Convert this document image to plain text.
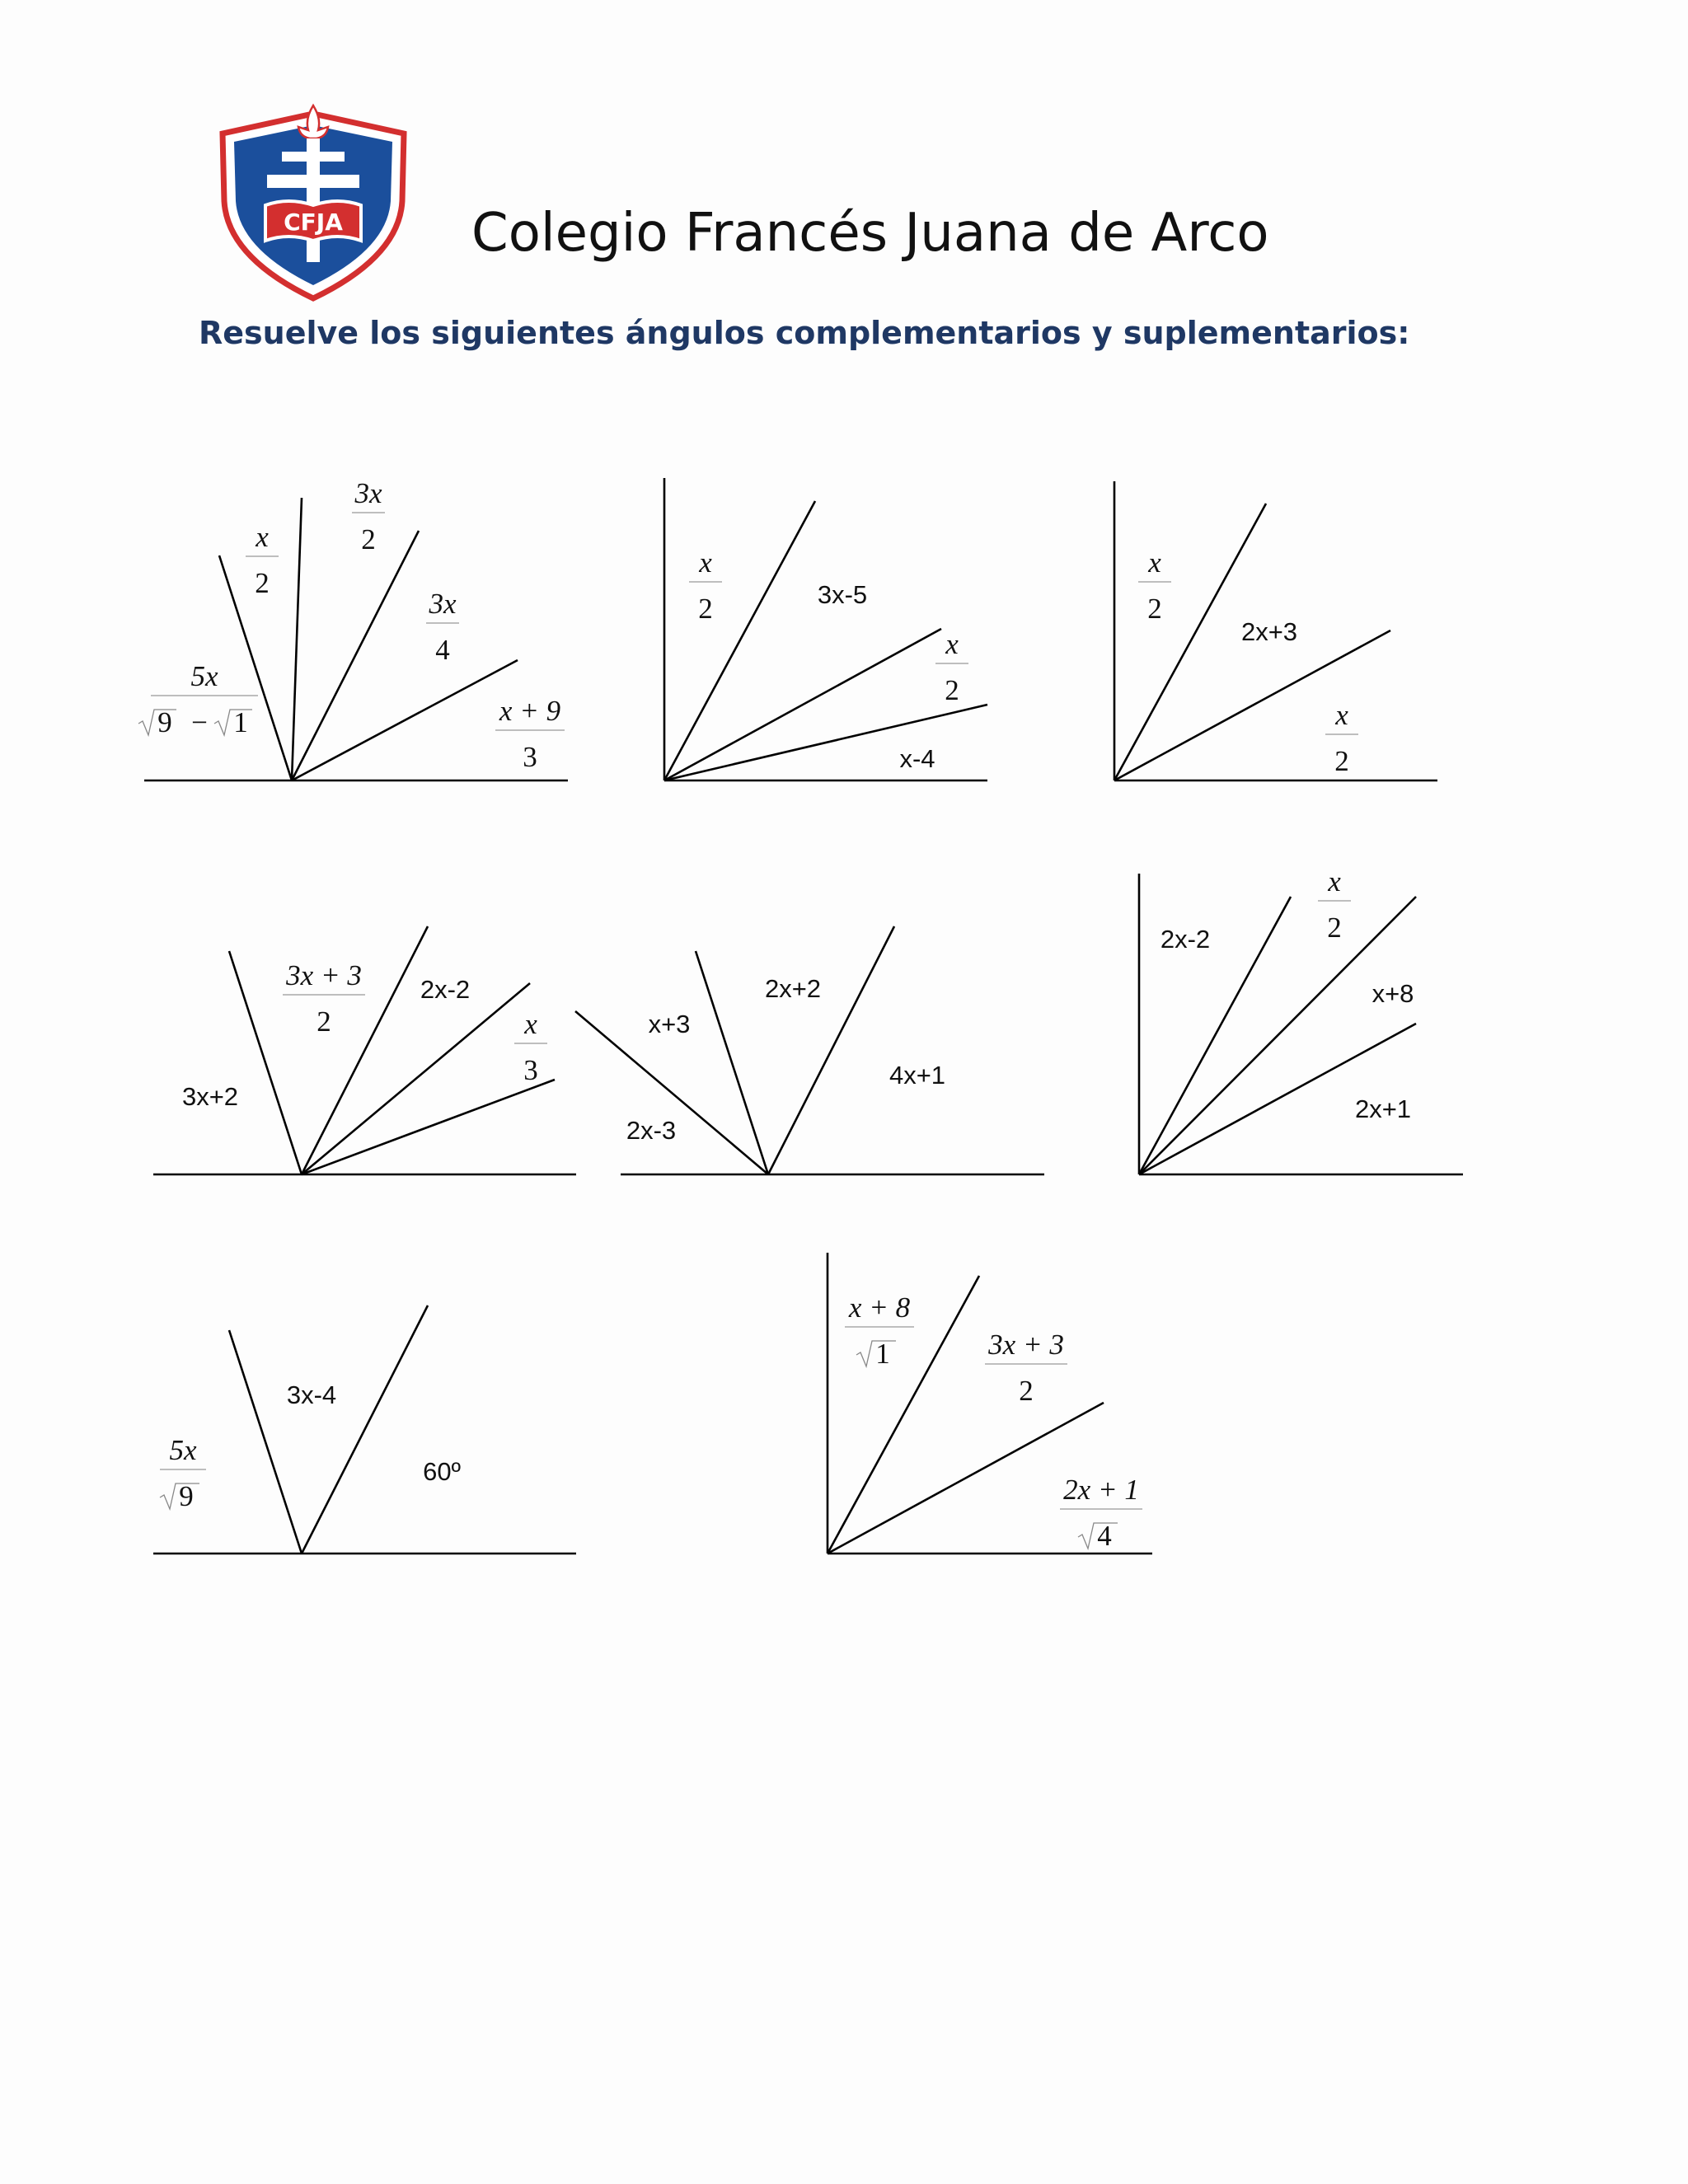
CFJA Colegio Francés Juana de Arco
Resuelve los siguientes ángulos complementarios y suplementarios:
5x
9 − 1
x
2
3x
2
3x
4
x + 9
3
x
2	3x-5
x
2
x-4
x
2
2x+3
x
2
3x+2
3x + 3
2
2x-2
x
3
x+3
2x-3
2x+2
4x+1
2x-2
x
2
x+8
2x+1
5x
9
3x-4
60º
x + 8
1	3x + 3
2
2x + 1
4
